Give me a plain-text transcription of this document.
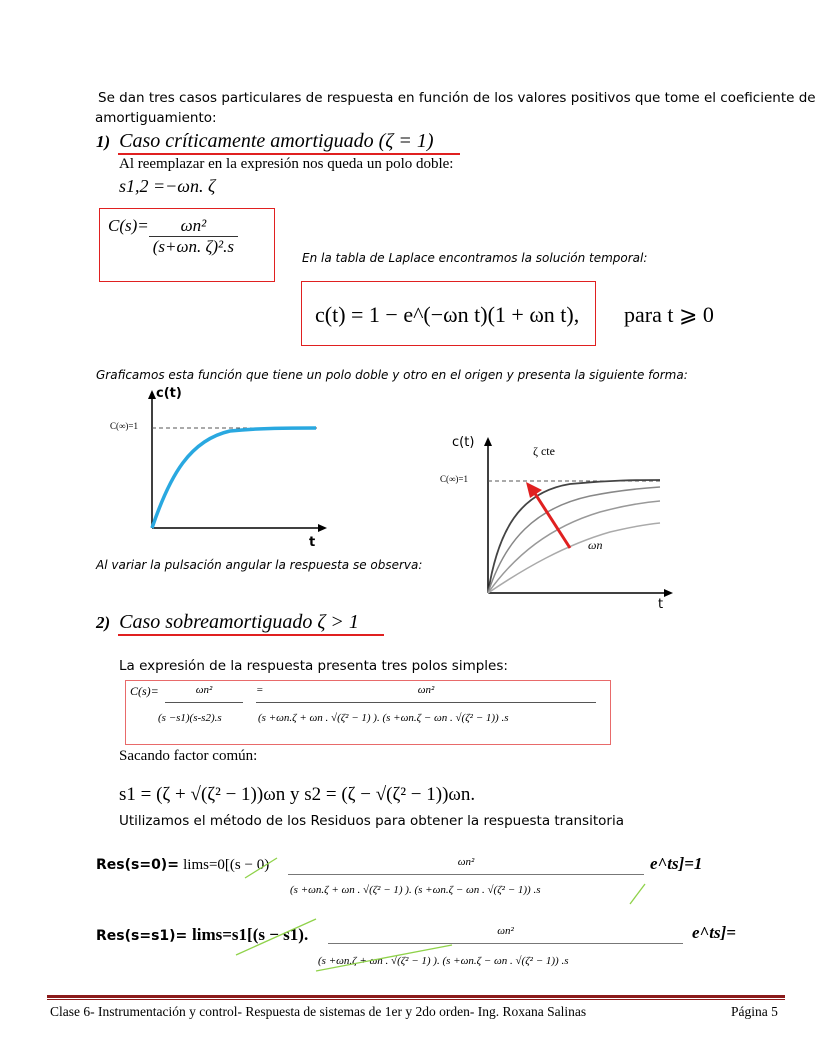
Se dan tres casos particulares de respuesta en función de los valores positivos que tome el coeficiente de
amortiguamiento:
1) Caso críticamente amortiguado (ζ = 1)
Al reemplazar en la expresión nos queda un polo doble:
s1,2 =−ωn. ζ
$C(s)= \frac{\text{ωn²}}{\text{(s+ωn. ζ)².s}}$
En la tabla de Laplace encontramos la solución temporal:
c(t) = 1 − e^(−ωn t)(1 + ωn t), para t ⩾ 0
Graficamos esta función que tiene un polo doble y otro en el origen y presenta la siguiente forma:
c(t)
C(∞)=1
t
Al variar la pulsación angular la respuesta se observa:
c(t)
ζ cte
C(∞)=1
ωn
t
2) Caso sobreamortiguado ζ > 1
La expresión de la respuesta presenta tres polos simples:
C(s)=	ωn²
(s −s1)(s-s2).s
=	ωn²
(s +ωn.ζ + ωn . √(ζ² − 1) ). (s +ωn.ζ − ωn . √(ζ² − 1)) .s
Sacando factor común:
s1 = (ζ + √(ζ² − 1))ωn y s2 = (ζ − √(ζ² − 1))ωn.
Utilizamos el método de los Residuos para obtener la respuesta transitoria
Res(s=0)= lims=0[(s − 0)	ωn²
(s +ωn.ζ + ωn . √(ζ² − 1) ). (s +ωn.ζ − ωn . √(ζ² − 1)) .s
e^ts]=1
Res(s=s1)= lims=s1[(s − s1).	ωn²
(s +ωn.ζ + ωn . √(ζ² − 1) ). (s +ωn.ζ − ωn . √(ζ² − 1)) .s
e^ts]=
Clase 6- Instrumentación y control- Respuesta de sistemas de 1er y 2do orden- Ing. Roxana Salinas	Página 5
